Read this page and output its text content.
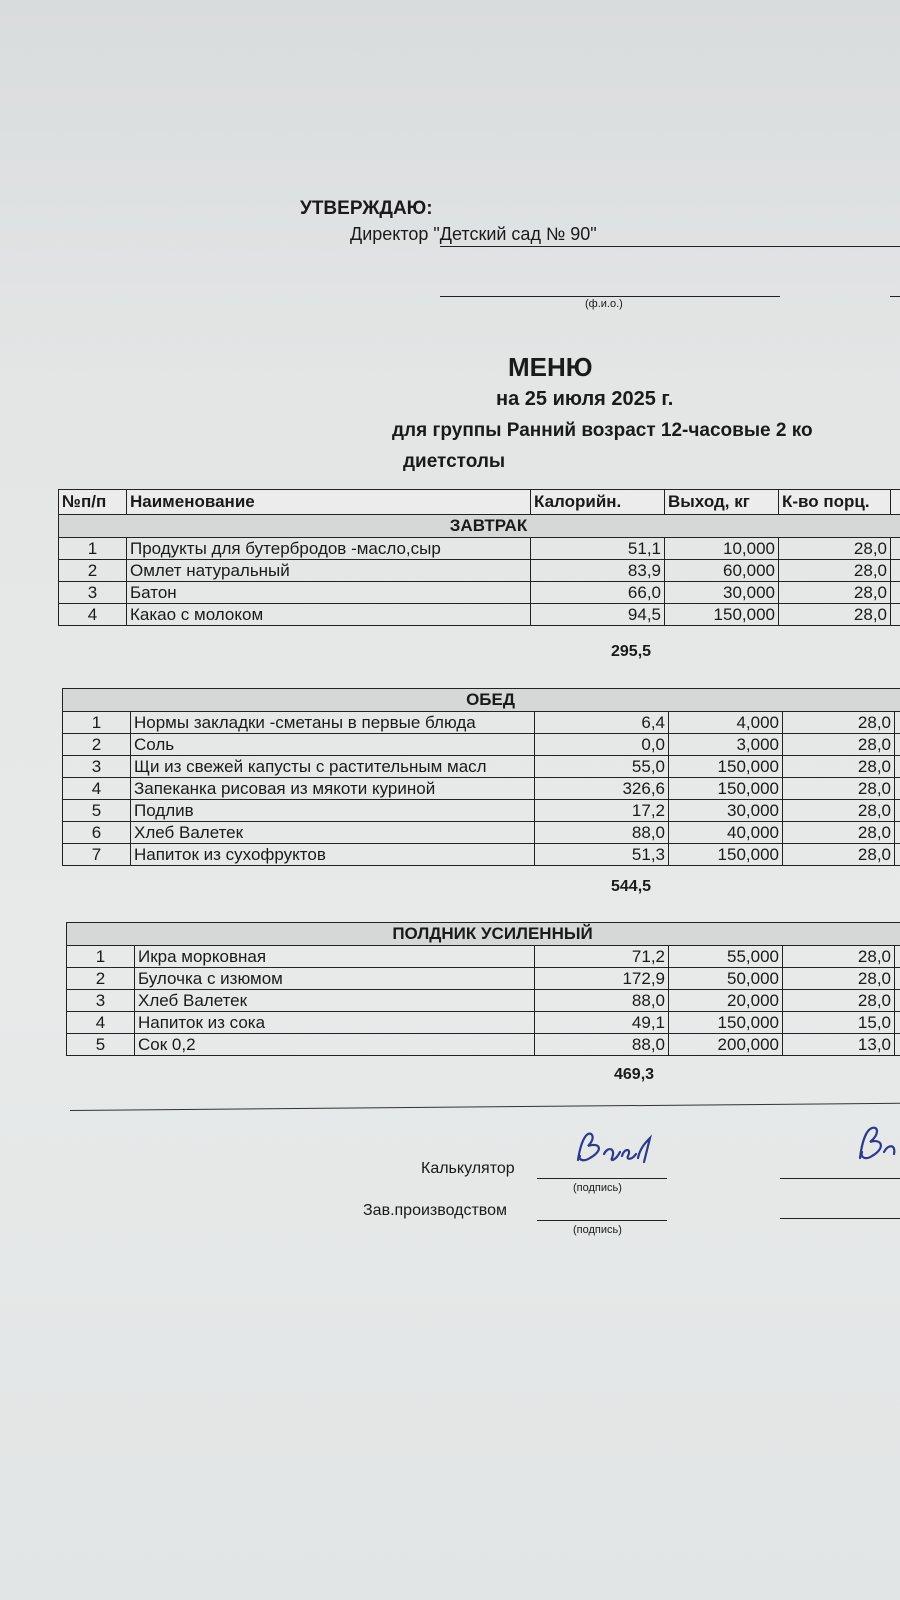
УТВЕРЖДАЮ:
Директор "Детский сад № 90"
(ф.и.о.)
МЕНЮ
на 25 июля 2025 г.
для группы Ранний возраст 12-часовые 2 ко
диетстолы
№п/п	Наименование	Калорийн.	Выход, кг	К-во порц.	
ЗАВТРАК					
1	Продукты для бутербродов -масло,сыр	51,1	10,000	28,0	
2	Омлет натуральный	83,9	60,000	28,0	
3	Батон	66,0	30,000	28,0	
4	Какао с молоком	94,5	150,000	28,0	
295,5
ОБЕД					
1	Нормы закладки -сметаны в первые блюда	6,4	4,000	28,0	
2	Соль	0,0	3,000	28,0	
3	Щи из свежей капусты с растительным масл	55,0	150,000	28,0	
4	Запеканка рисовая из мякоти куриной	326,6	150,000	28,0	
5	Подлив	17,2	30,000	28,0	
6	Хлеб Валетек	88,0	40,000	28,0	
7	Напиток из сухофруктов	51,3	150,000	28,0	
544,5
ПОЛДНИК УСИЛЕННЫЙ					
1	Икра морковная	71,2	55,000	28,0	
2	Булочка с изюмом	172,9	50,000	28,0	
3	Хлеб Валетек	88,0	20,000	28,0	
4	Напиток из сока	49,1	150,000	15,0	
5	Сок 0,2	88,0	200,000	13,0	
469,3
Калькулятор
(подпись)
Зав.производством
(подпись)
